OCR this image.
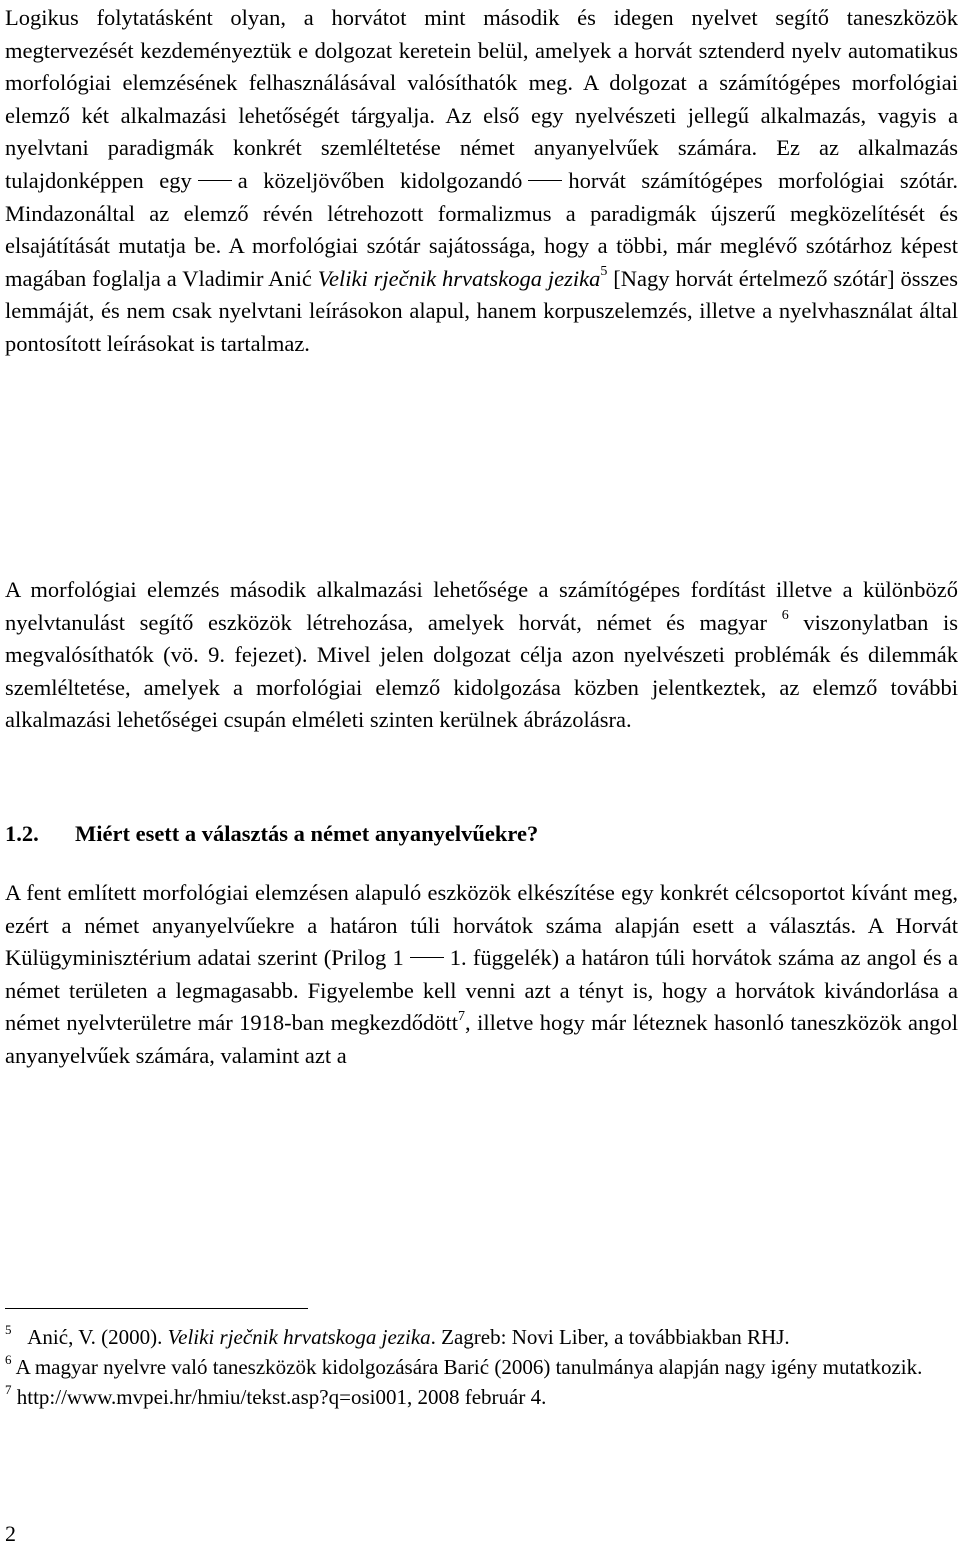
Logikus folytatásként olyan, a horvátot mint második és idegen nyelvet segítő taneszközök megtervezését kezdeményeztük e dolgozat keretein belül, amelyek a horvát sztenderd nyelv automatikus morfológiai elemzésének felhasználásával valósíthatók meg. A dolgozat a számítógépes morfológiai elemző két alkalmazási lehetőségét tárgyalja. Az első egy nyelvészeti jellegű alkalmazás, vagyis a nyelvtani paradigmák konkrét szemléltetése német anyanyelvűek számára. Ez az alkalmazás tulajdonképpen egy a közeljövőben kidolgozandó horvát számítógépes morfológiai szótár. Mindazonáltal az elemző révén létrehozott formalizmus a paradigmák újszerű megközelítését és elsajátítását mutatja be. A morfológiai szótár sajátossága, hogy a többi, már meglévő szótárhoz képest magában foglalja a Vladimir Anić Veliki rječnik hrvatskoga jezika$^5$ [Nagy horvát értelmező szótár] összes lemmáját, és nem csak nyelvtani leírásokon alapul, hanem korpuszelemzés, illetve a nyelvhasználat által pontosított leírásokat is tartalmaz.

A morfológiai elemzés második alkalmazási lehetősége a számítógépes fordítást illetve a különböző nyelvtanulást segítő eszközök létrehozása, amelyek horvát, német és magyar $^6$ viszonylatban is megvalósíthatók (vö. 9. fejezet). Mivel jelen dolgozat célja azon nyelvészeti problémák és dilemmák szemléltetése, amelyek a morfológiai elemző kidolgozása közben jelentkeztek, az elemző további alkalmazási lehetőségei csupán elméleti szinten kerülnek ábrázolásra.

1.2. Miért esett a választás a német anyanyelvűekre?

A fent említett morfológiai elemzésen alapuló eszközök elkészítése egy konkrét célcsoportot kívánt meg, ezért a német anyanyelvűekre a határon túli horvátok száma alapján esett a választás. A Horvát Külügyminisztérium adatai szerint (Prilog 1 1. függelék) a határon túli horvátok száma az angol és a német területen a legmagasabb. Figyelembe kell venni azt a tényt is, hogy a horvátok kivándorlása a német nyelvterületre már 1918-ban megkezdődött$^7$, illetve hogy már léteznek hasonló taneszközök angol anyanyelvűek számára, valamint azt a

$^5$ Anić, V. (2000). Veliki rječnik hrvatskoga jezika. Zagreb: Novi Liber, a továbbiakban RHJ.

$^6$ A magyar nyelvre való taneszközök kidolgozására Barić (2006) tanulmánya alapján nagy igény mutatkozik.

$^7$ http://www.mvpei.hr/hmiu/tekst.asp?q=osi001, 2008 február 4.

2
